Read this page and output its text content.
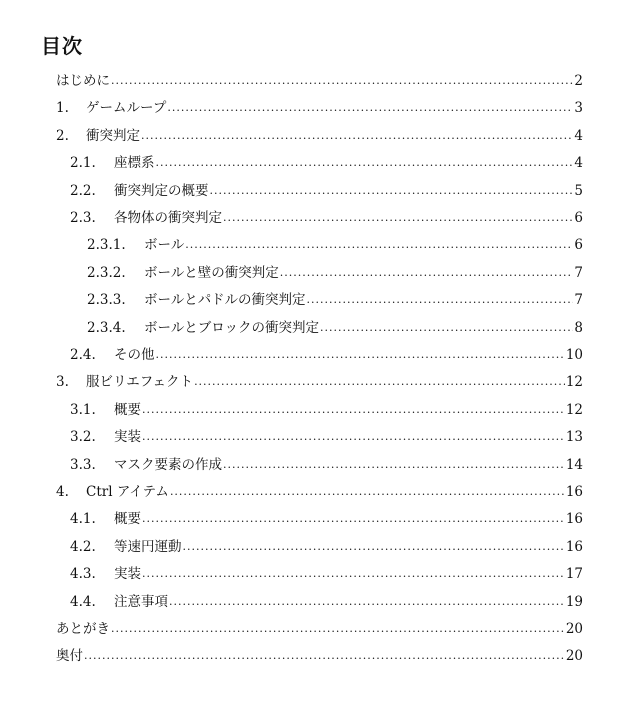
目次
はじめに .....	2
1.	ゲームループ .....	3
2.	衝突判定 .....	4
2.1.	座標系 .....	4
2.2.	衝突判定の概要 .....	5
2.3.	各物体の衝突判定 .....	6
2.3.1.	ボール .....	6
2.3.2.	ボールと壁の衝突判定 .....	7
2.3.3.	ボールとパドルの衝突判定 .....	7
2.3.4.	ボールとブロックの衝突判定 .....	8
2.4.	その他 .....	10
3.	服ビリエフェクト .....	12
3.1.	概要 .....	12
3.2.	実装 .....	13
3.3.	マスク要素の作成 .....	14
4.	Ctrl アイテム .....	16
4.1.	概要 .....	16
4.2.	等速円運動 .....	16
4.3.	実装 .....	17
4.4.	注意事項 .....	19
あとがき .....	20
奥付 .....	20
